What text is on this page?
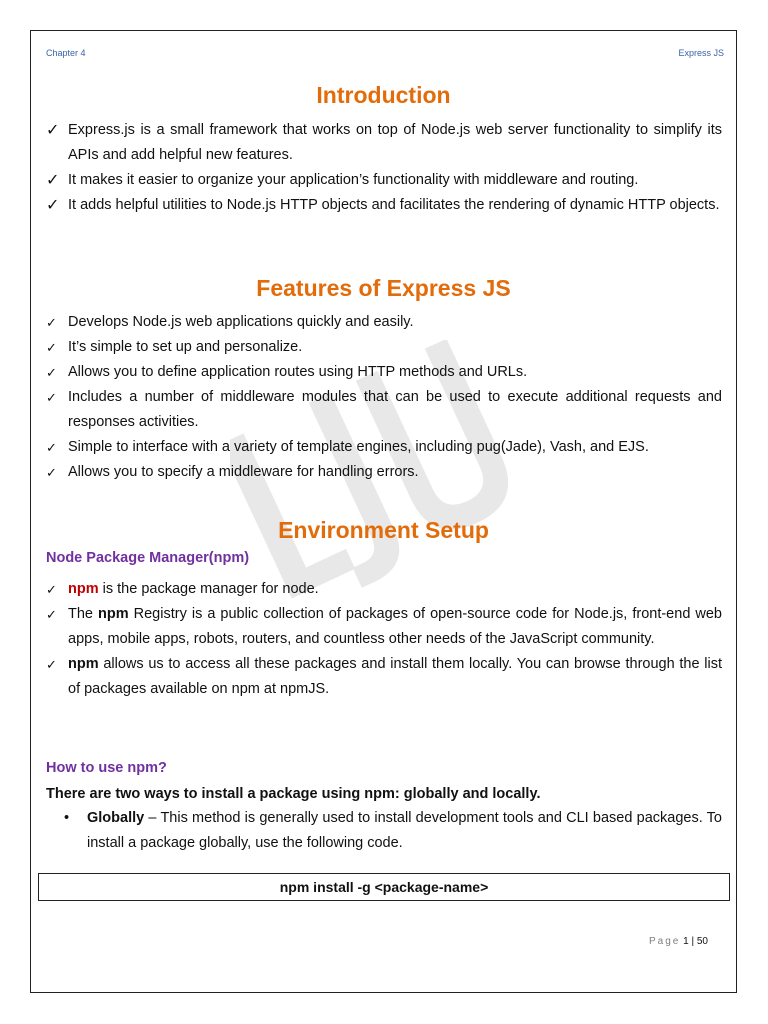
Chapter 4	Express JS
Introduction
✓ Express.js is a small framework that works on top of Node.js web server functionality to simplify its APIs and add helpful new features.
✓ It makes it easier to organize your application’s functionality with middleware and routing.
✓ It adds helpful utilities to Node.js HTTP objects and facilitates the rendering of dynamic HTTP objects.
Features of Express JS
✓ Develops Node.js web applications quickly and easily.
✓ It’s simple to set up and personalize.
✓ Allows you to define application routes using HTTP methods and URLs.
✓ Includes a number of middleware modules that can be used to execute additional requests and responses activities.
✓ Simple to interface with a variety of template engines, including pug(Jade), Vash, and EJS.
✓ Allows you to specify a middleware for handling errors.
Environment Setup
Node Package Manager(npm)
✓ npm is the package manager for node.
✓ The npm Registry is a public collection of packages of open-source code for Node.js, front-end web apps, mobile apps, robots, routers, and countless other needs of the JavaScript community.
✓ npm allows us to access all these packages and install them locally. You can browse through the list of packages available on npm at npmJS.
How to use npm?
There are two ways to install a package using npm: globally and locally.
• Globally – This method is generally used to install development tools and CLI based packages. To install a package globally, use the following code.
npm install -g <package-name>
Page 1 | 50
